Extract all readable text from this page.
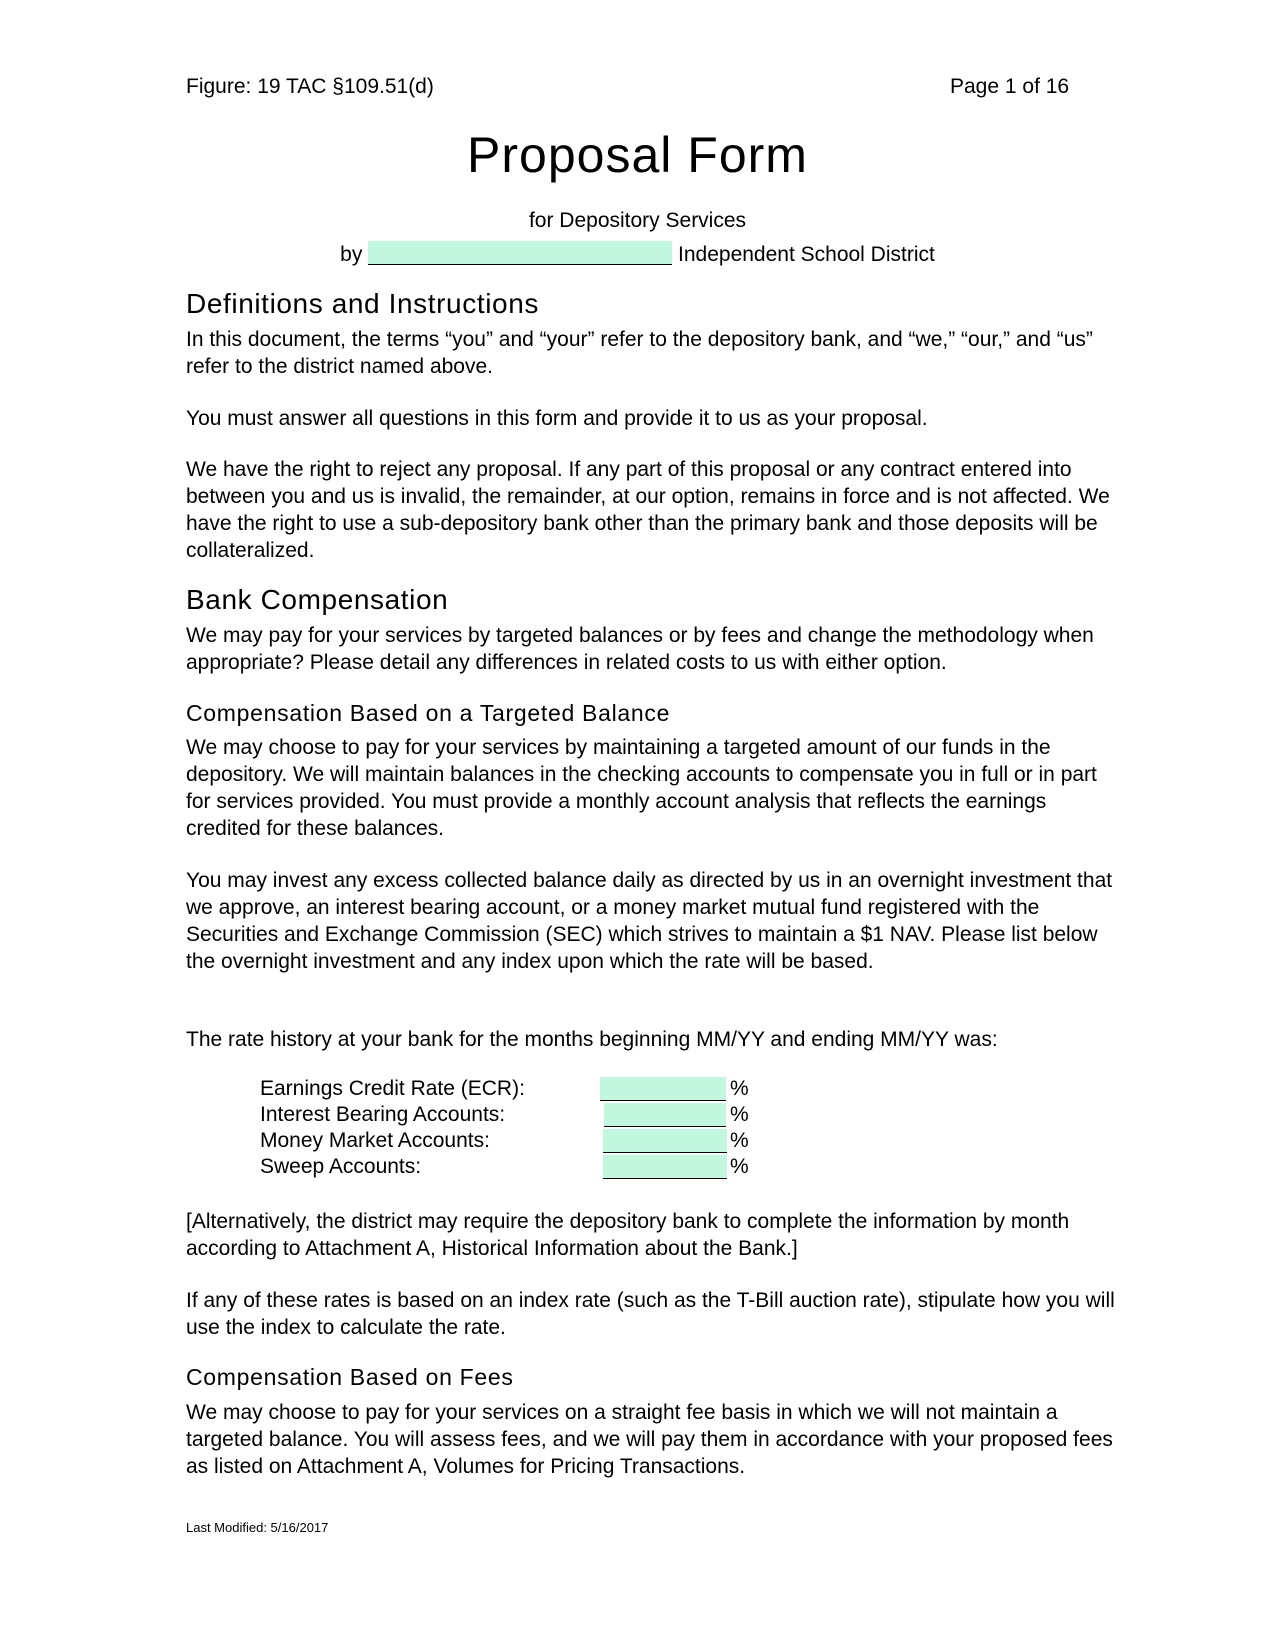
Figure: 19 TAC §109.51(d)	Page 1 of 16
Proposal Form
for Depository Services
by	Independent School District
Definitions and Instructions
In this document, the terms “you” and “your” refer to the depository bank, and “we,” “our,” and “us” refer to the district named above.
You must answer all questions in this form and provide it to us as your proposal.
We have the right to reject any proposal. If any part of this proposal or any contract entered into between you and us is invalid, the remainder, at our option, remains in force and is not affected. We have the right to use a sub-depository bank other than the primary bank and those deposits will be collateralized.
Bank Compensation
We may pay for your services by targeted balances or by fees and change the methodology when appropriate? Please detail any differences in related costs to us with either option.
Compensation Based on a Targeted Balance
We may choose to pay for your services by maintaining a targeted amount of our funds in the depository. We will maintain balances in the checking accounts to compensate you in full or in part for services provided. You must provide a monthly account analysis that reflects the earnings credited for these balances.
You may invest any excess collected balance daily as directed by us in an overnight investment that we approve, an interest bearing account, or a money market mutual fund registered with the Securities and Exchange Commission (SEC) which strives to maintain a $1 NAV. Please list below the overnight investment and any index upon which the rate will be based.
The rate history at your bank for the months beginning MM/YY and ending MM/YY was:
Earnings Credit Rate (ECR):	%
Interest Bearing Accounts:	%
Money Market Accounts:	%
Sweep Accounts:	%
[Alternatively, the district may require the depository bank to complete the information by month according to Attachment A, Historical Information about the Bank.]
If any of these rates is based on an index rate (such as the T-Bill auction rate), stipulate how you will use the index to calculate the rate.
Compensation Based on Fees
We may choose to pay for your services on a straight fee basis in which we will not maintain a targeted balance. You will assess fees, and we will pay them in accordance with your proposed fees as listed on Attachment A, Volumes for Pricing Transactions.
Last Modified: 5/16/2017
